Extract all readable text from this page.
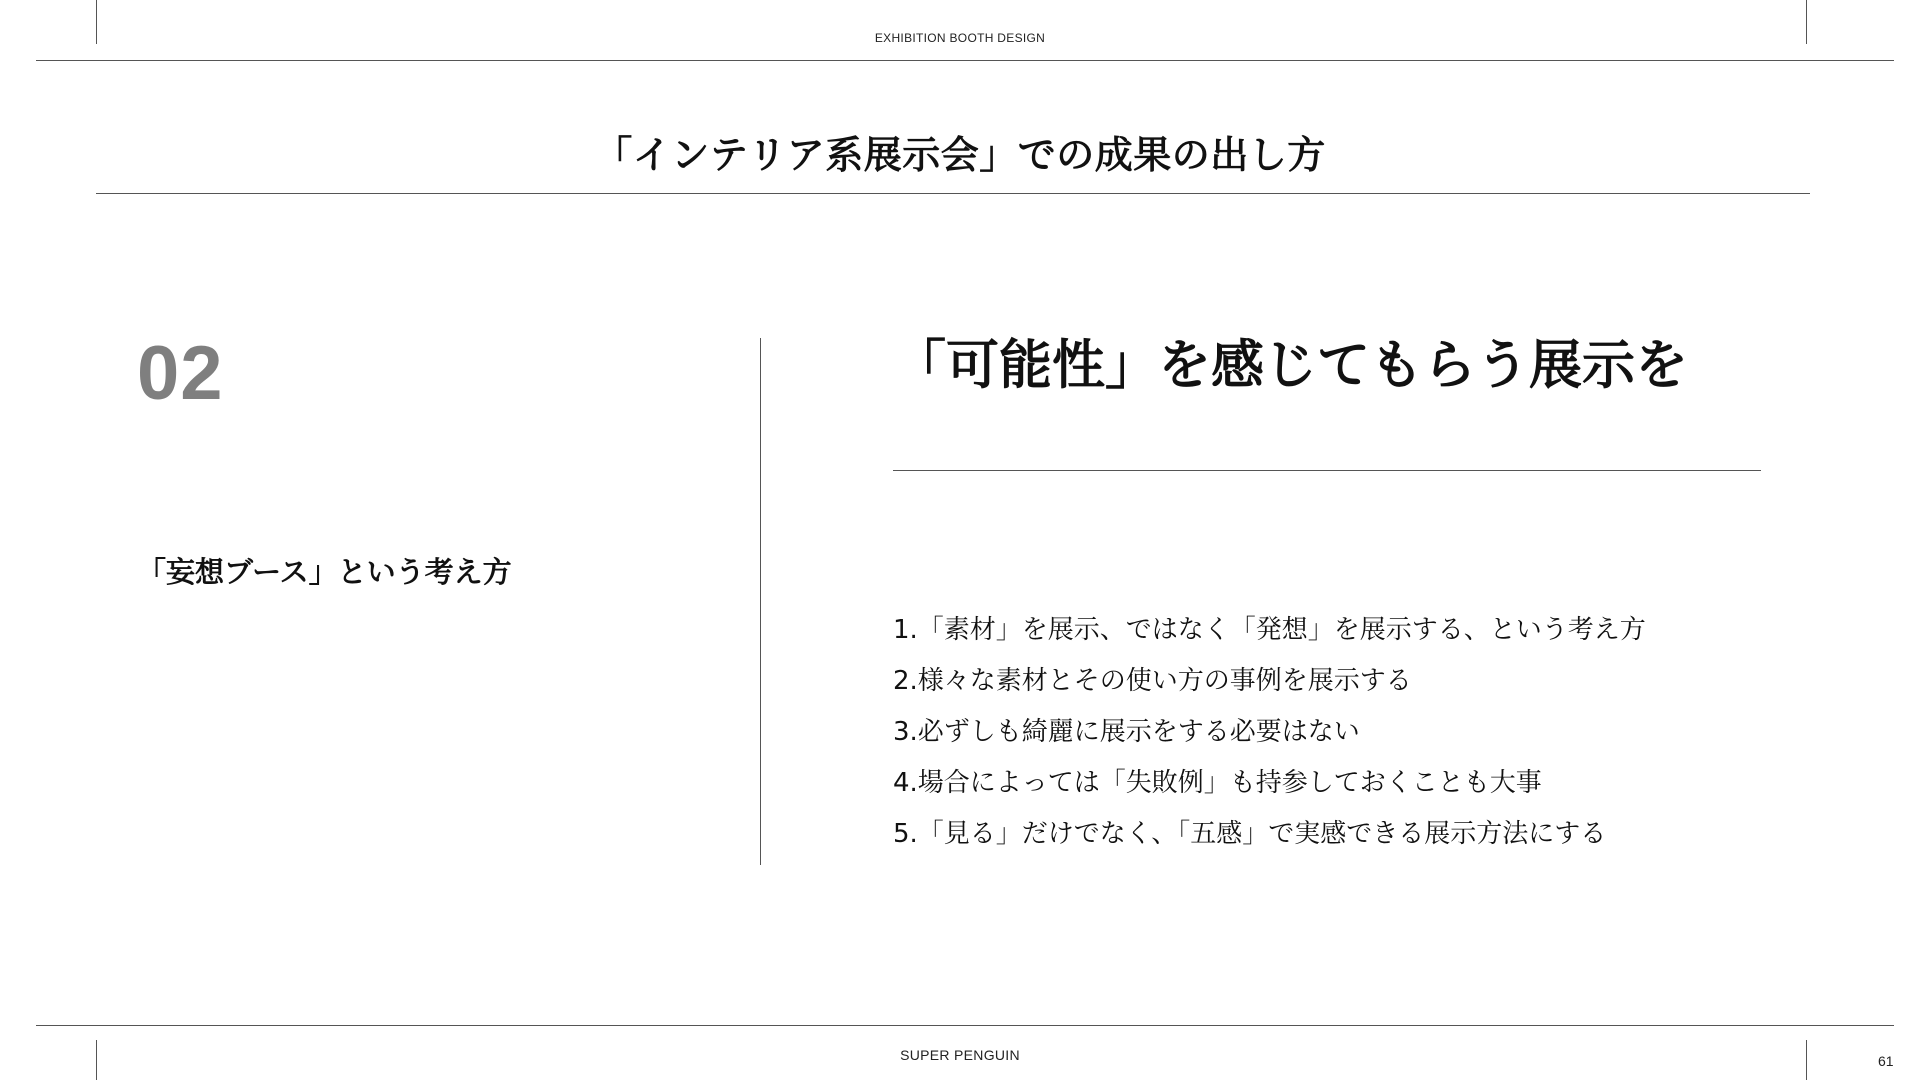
EXHIBITION BOOTH DESIGN
「インテリア系展示会」での成果の出し方
02
「妄想ブース」という考え方
「可能性」を感じてもらう展示を
1.「素材」を展示、ではなく「発想」を展示する、という考え方
2.様々な素材とその使い方の事例を展示する
3.必ずしも綺麗に展示をする必要はない
4.場合によっては「失敗例」も持参しておくことも大事
5.「見る」だけでなく、「五感」で実感できる展示方法にする
SUPER PENGUIN	61
